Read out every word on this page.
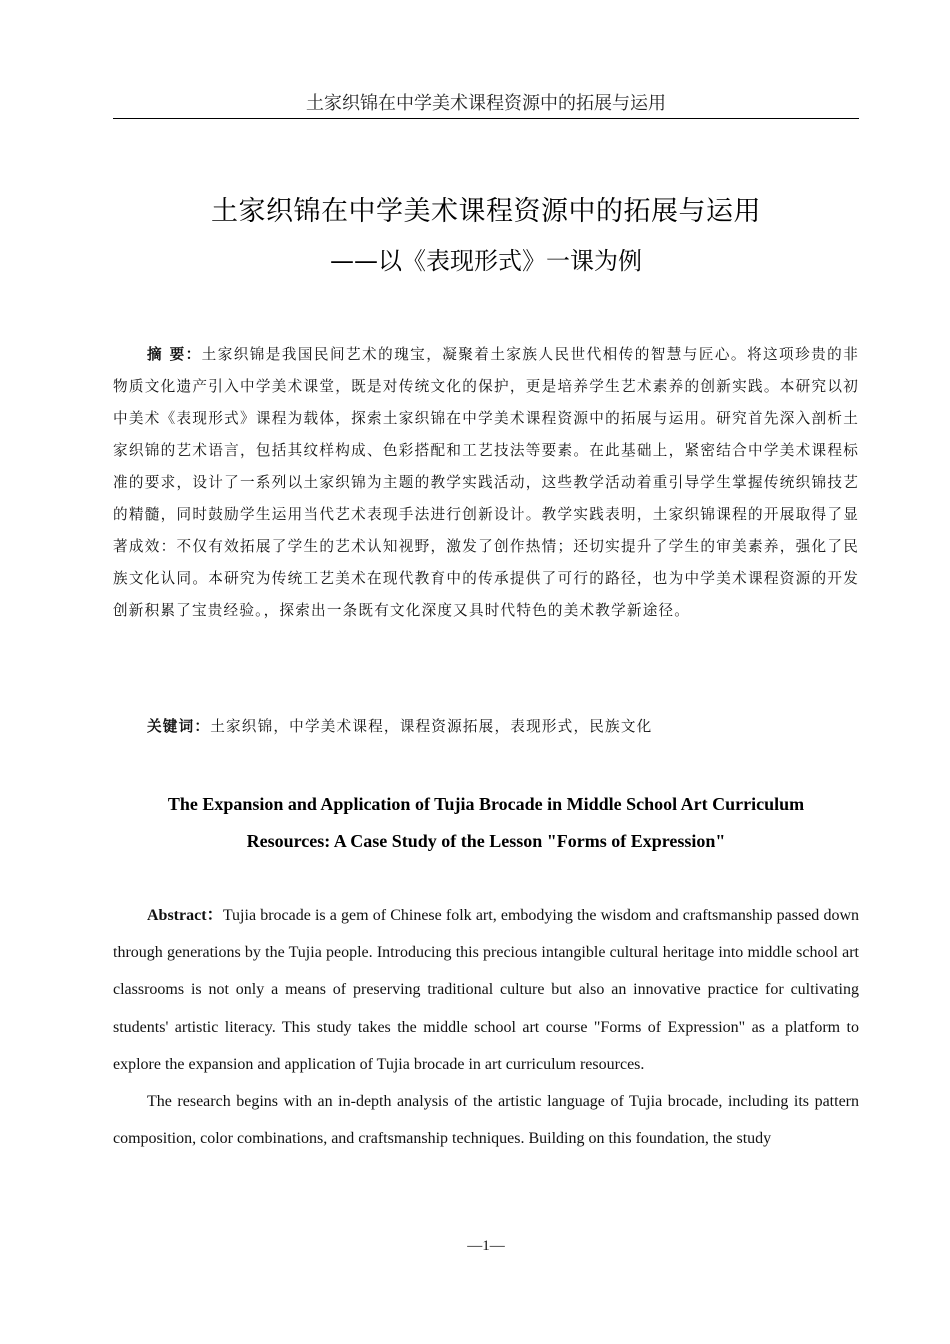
土家织锦在中学美术课程资源中的拓展与运用
土家织锦在中学美术课程资源中的拓展与运用
——以《表现形式》一课为例

摘 要：土家织锦是我国民间艺术的瑰宝，凝聚着土家族人民世代相传的智慧与匠心。将这项珍贵的非物质文化遗产引入中学美术课堂，既是对传统文化的保护，更是培养学生艺术素养的创新实践。本研究以初中美术《表现形式》课程为载体，探索土家织锦在中学美术课程资源中的拓展与运用。研究首先深入剖析土家织锦的艺术语言，包括其纹样构成、色彩搭配和工艺技法等要素。在此基础上，紧密结合中学美术课程标准的要求，设计了一系列以土家织锦为主题的教学实践活动，这些教学活动着重引导学生掌握传统织锦技艺的精髓，同时鼓励学生运用当代艺术表现手法进行创新设计。教学实践表明，土家织锦课程的开展取得了显著成效：不仅有效拓展了学生的艺术认知视野，激发了创作热情；还切实提升了学生的审美素养，强化了民族文化认同。本研究为传统工艺美术在现代教育中的传承提供了可行的路径，也为中学美术课程资源的开发创新积累了宝贵经验。，探索出一条既有文化深度又具时代特色的美术教学新途径。

关键词：土家织锦，中学美术课程，课程资源拓展，表现形式，民族文化

The Expansion and Application of Tujia Brocade in Middle School Art Curriculum
Resources: A Case Study of the Lesson "Forms of Expression"

Abstract：Tujia brocade is a gem of Chinese folk art, embodying the wisdom and craftsmanship passed down through generations by the Tujia people. Introducing this precious intangible cultural heritage into middle school art classrooms is not only a means of preserving traditional culture but also an innovative practice for cultivating students' artistic literacy. This study takes the middle school art course "Forms of Expression" as a platform to explore the expansion and application of Tujia brocade in art curriculum resources.

The research begins with an in-depth analysis of the artistic language of Tujia brocade, including its pattern composition, color combinations, and craftsmanship techniques. Building on this foundation, the study

—1—
